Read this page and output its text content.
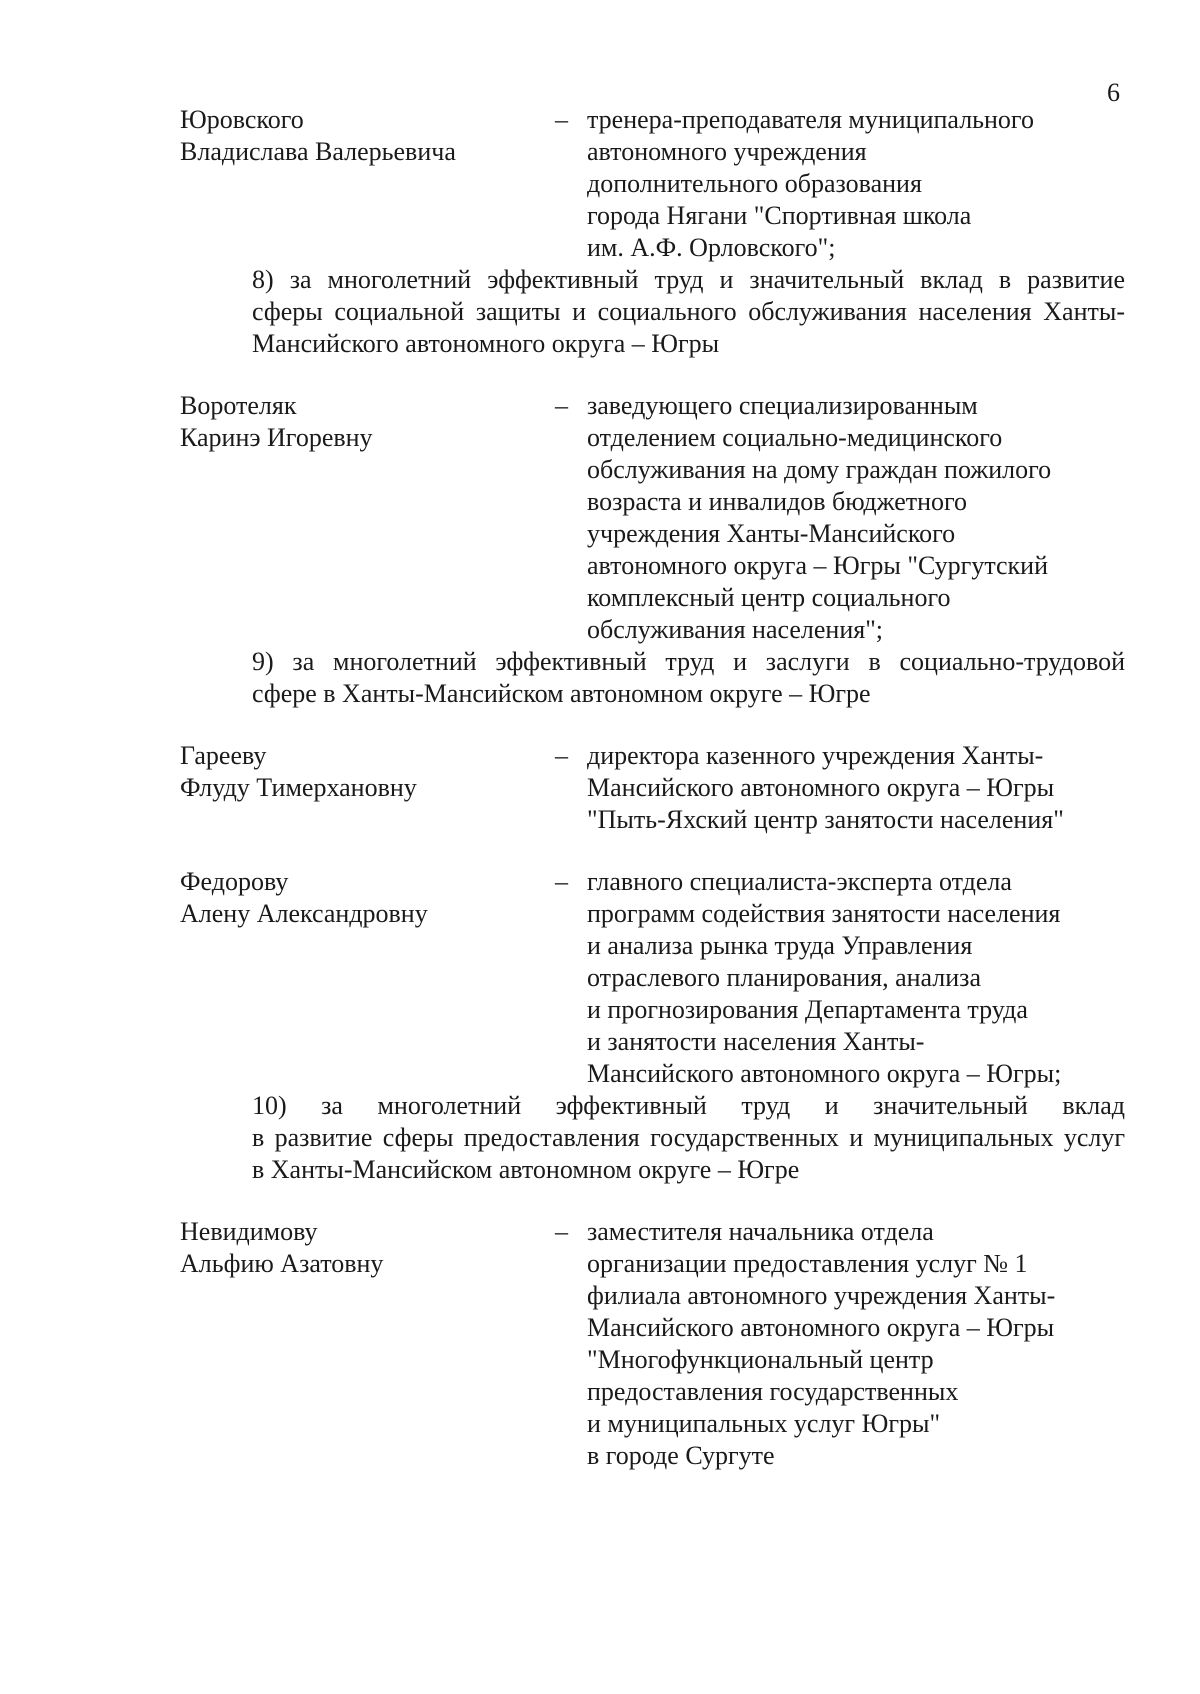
6
Юровского
Владислава Валерьевича
– тренера-преподавателя муниципального
автономного учреждения
дополнительного образования
города Нягани "Спортивная школа
им. А.Ф. Орловского";
8) за многолетний эффективный труд и значительный вклад в развитие
сферы социальной защиты и социального обслуживания населения Ханты-
Мансийского автономного округа – Югры
Воротеляк
Каринэ Игоревну
– заведующего специализированным
отделением социально-медицинского
обслуживания на дому граждан пожилого
возраста и инвалидов бюджетного
учреждения Ханты-Мансийского
автономного округа – Югры "Сургутский
комплексный центр социального
обслуживания населения";
9) за многолетний эффективный труд и заслуги в социально-трудовой
сфере в Ханты-Мансийском автономном округе – Югре
Гарееву
Флуду Тимерхановну
– директора казенного учреждения Ханты-
Мансийского автономного округа – Югры
"Пыть-Яхский центр занятости населения"
Федорову
Алену Александровну
– главного специалиста-эксперта отдела
программ содействия занятости населения
и анализа рынка труда Управления
отраслевого планирования, анализа
и прогнозирования Департамента труда
и занятости населения Ханты-
Мансийского автономного округа – Югры;
10) за многолетний эффективный труд и значительный вклад
в развитие сферы предоставления государственных и муниципальных услуг
в Ханты-Мансийском автономном округе – Югре
Невидимову
Альфию Азатовну
– заместителя начальника отдела
организации предоставления услуг № 1
филиала автономного учреждения Ханты-
Мансийского автономного округа – Югры
"Многофункциональный центр
предоставления государственных
и муниципальных услуг Югры"
в городе Сургуте
